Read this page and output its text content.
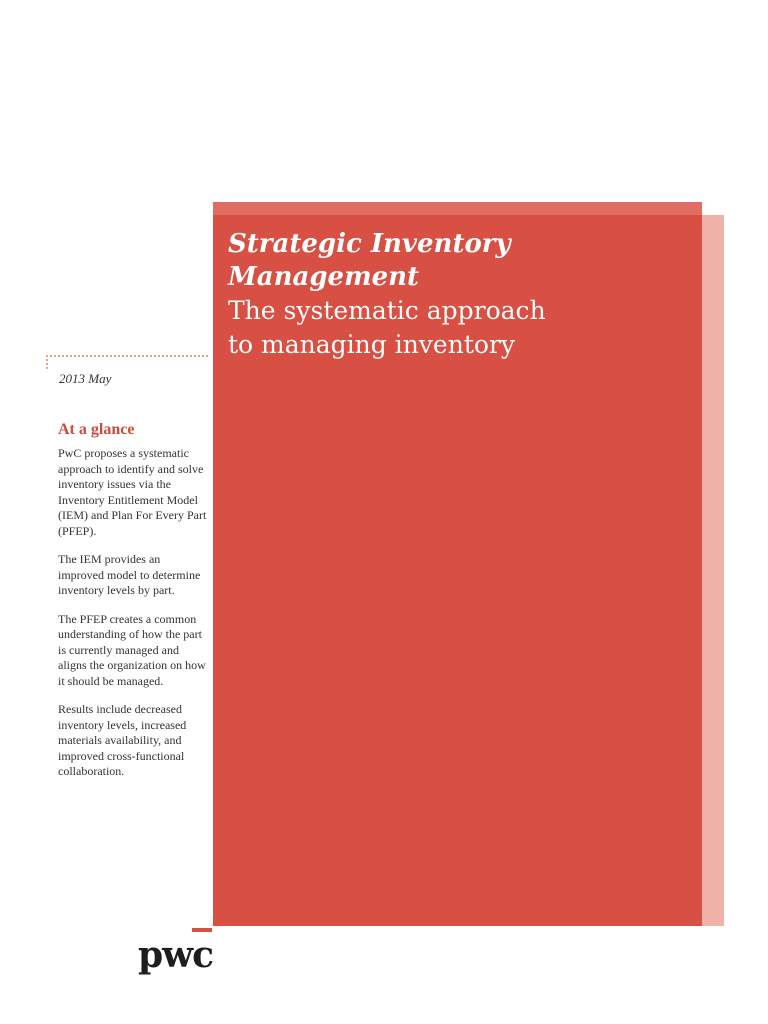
Strategic Inventory
Management
The systematic approach
to managing inventory
2013 May
At a glance

PwC proposes a systematic approach to identify and solve inventory issues via the Inventory Entitlement Model (IEM) and Plan For Every Part (PFEP).

The IEM provides an improved model to determine inventory levels by part.

The PFEP creates a common understanding of how the part is currently managed and aligns the organization on how it should be managed.

Results include decreased inventory levels, increased materials availability, and improved cross-functional collaboration.

pwc
